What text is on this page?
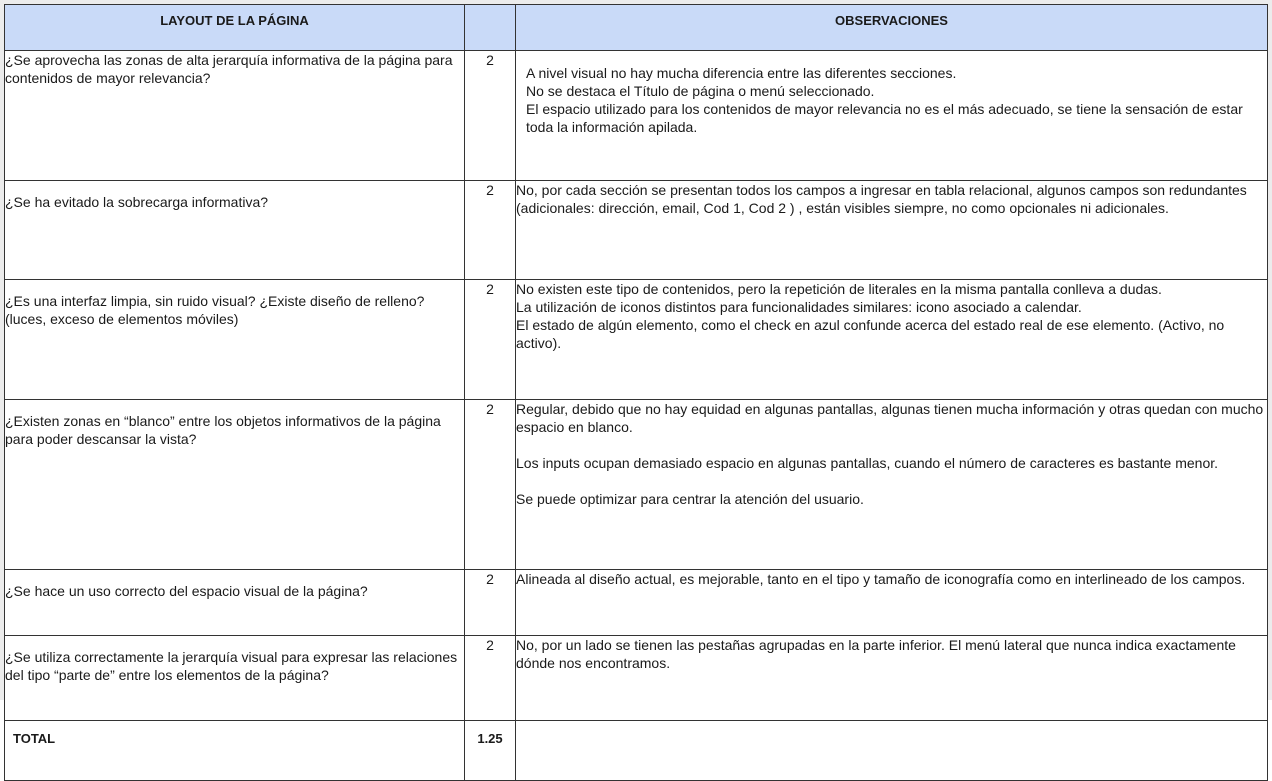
LAYOUT DE LA PÁGINA		OBSERVACIONES
¿Se aprovecha las zonas de alta jerarquía informativa de la página para contenidos de mayor relevancia?	2	A nivel visual no hay mucha diferencia entre las diferentes secciones.

No se destaca el Título de página o menú seleccionado.

El espacio utilizado para los contenidos de mayor relevancia no es el más adecuado, se tiene la sensación de estar toda la información apilada.

¿Se ha evitado la sobrecarga informativa?	2	No, por cada sección se presentan todos los campos a ingresar en tabla relacional, algunos campos son redundantes (adicionales: dirección, email, Cod 1, Cod 2 ) , están visibles siempre, no como opcionales ni adicionales.

¿Es una interfaz limpia, sin ruido visual? ¿Existe diseño de relleno?(luces, exceso de elementos móviles)	2	No existen este tipo de contenidos, pero la repetición de literales en la misma pantalla conlleva a dudas.

La utilización de iconos distintos para funcionalidades similares: icono asociado a calendar.

El estado de algún elemento, como el check en azul confunde acerca del estado real de ese elemento. (Activo, no activo).

¿Existen zonas en “blanco” entre los objetos informativos de la página para poder descansar la vista?	2	Regular, debido que no hay equidad en algunas pantallas, algunas tienen mucha información y otras quedan con mucho espacio en blanco.

Los inputs ocupan demasiado espacio en algunas pantallas, cuando el número de caracteres es bastante menor.

Se puede optimizar para centrar la atención del usuario.

¿Se hace un uso correcto del espacio visual de la página?	2	Alineada al diseño actual, es mejorable, tanto en el tipo y tamaño de iconografía como en interlineado de los campos.

¿Se utiliza correctamente la jerarquía visual para expresar las relaciones del tipo “parte de” entre los elementos de la página?	2	No, por un lado se tienen las pestañas agrupadas en la parte inferior. El menú lateral que nunca indica exactamente dónde nos encontramos.

TOTAL	1.25	
